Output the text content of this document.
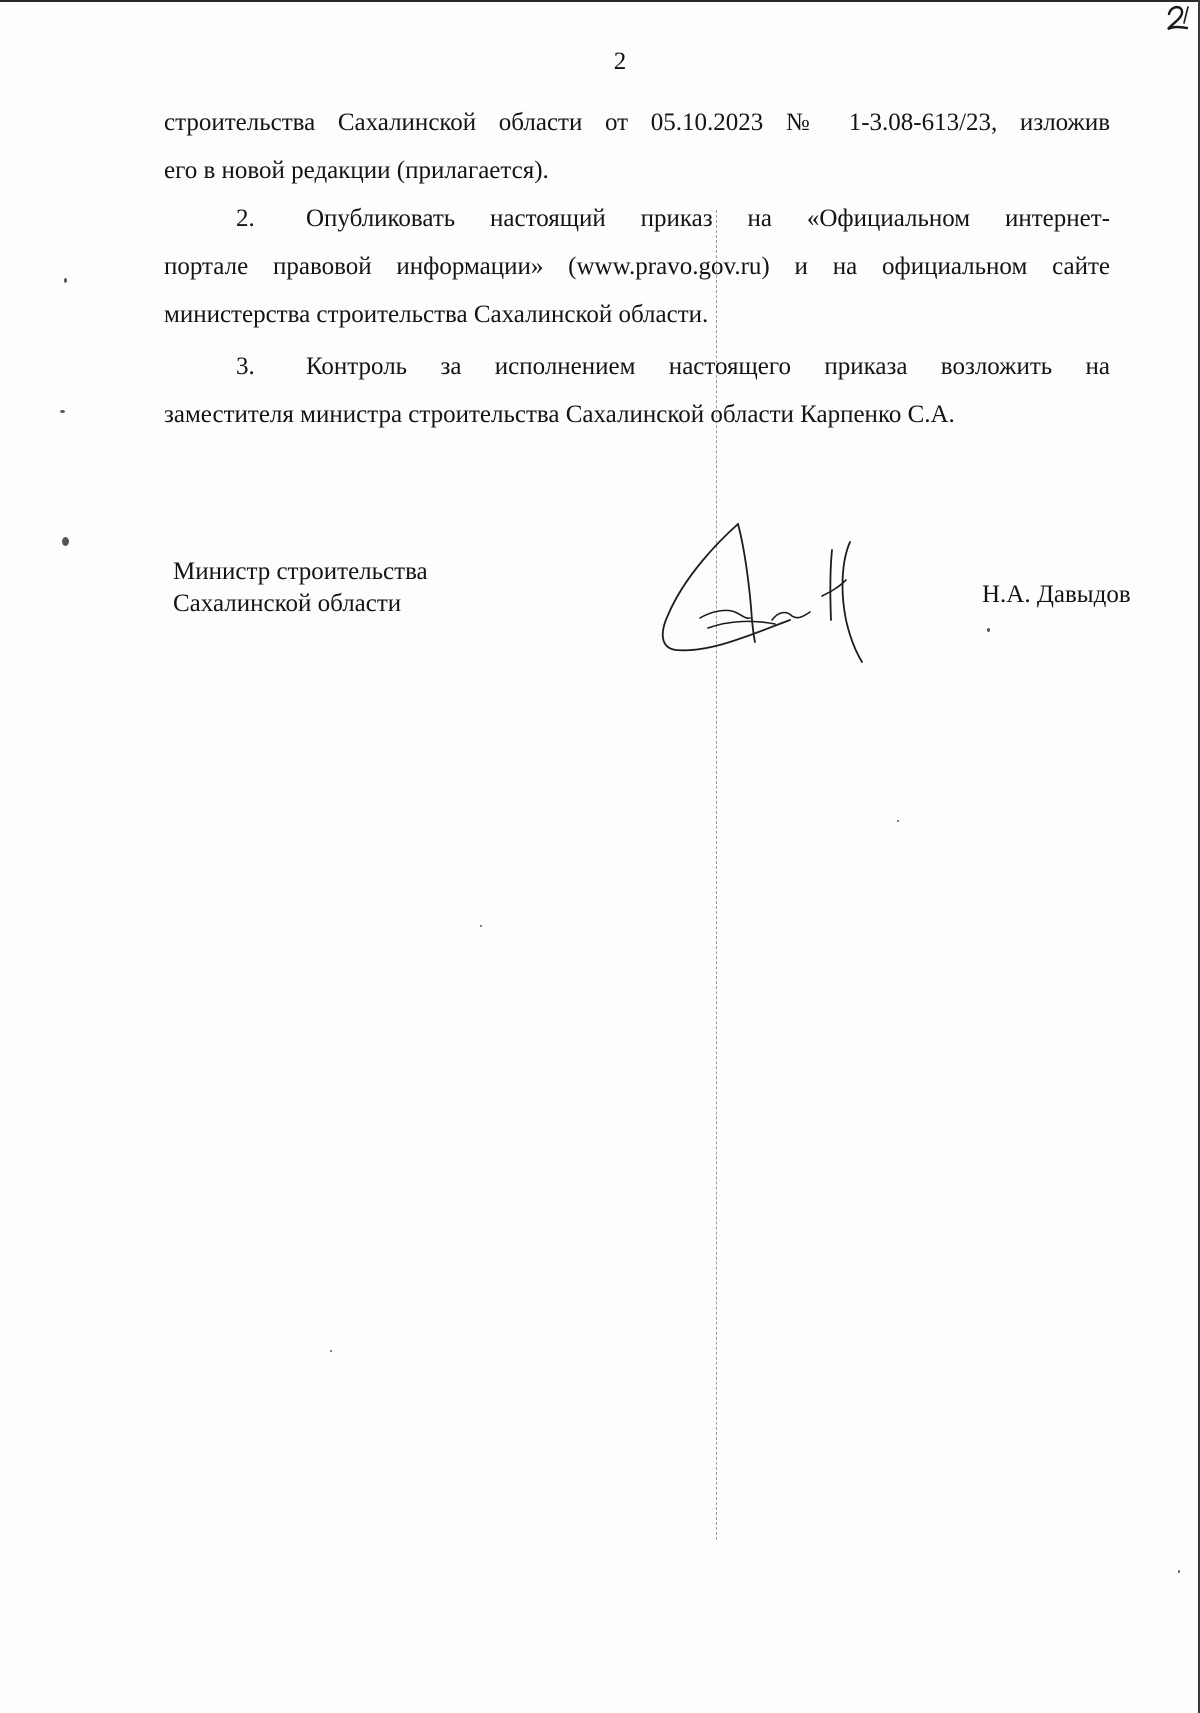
2
строительства Сахалинской области от 05.10.2023 № 1-3.08-613/23, изложив
его в новой редакции (прилагается).
2. Опубликовать настоящий приказ на «Официальном интернет-
портале правовой информации» (www.pravo.gov.ru) и на официальном сайте
министерства строительства Сахалинской области.
3. Контроль за исполнением настоящего приказа возложить на
заместителя министра строительства Сахалинской области Карпенко С.А.
Министр строительства
Сахалинской области	Н.А. Давыдов
